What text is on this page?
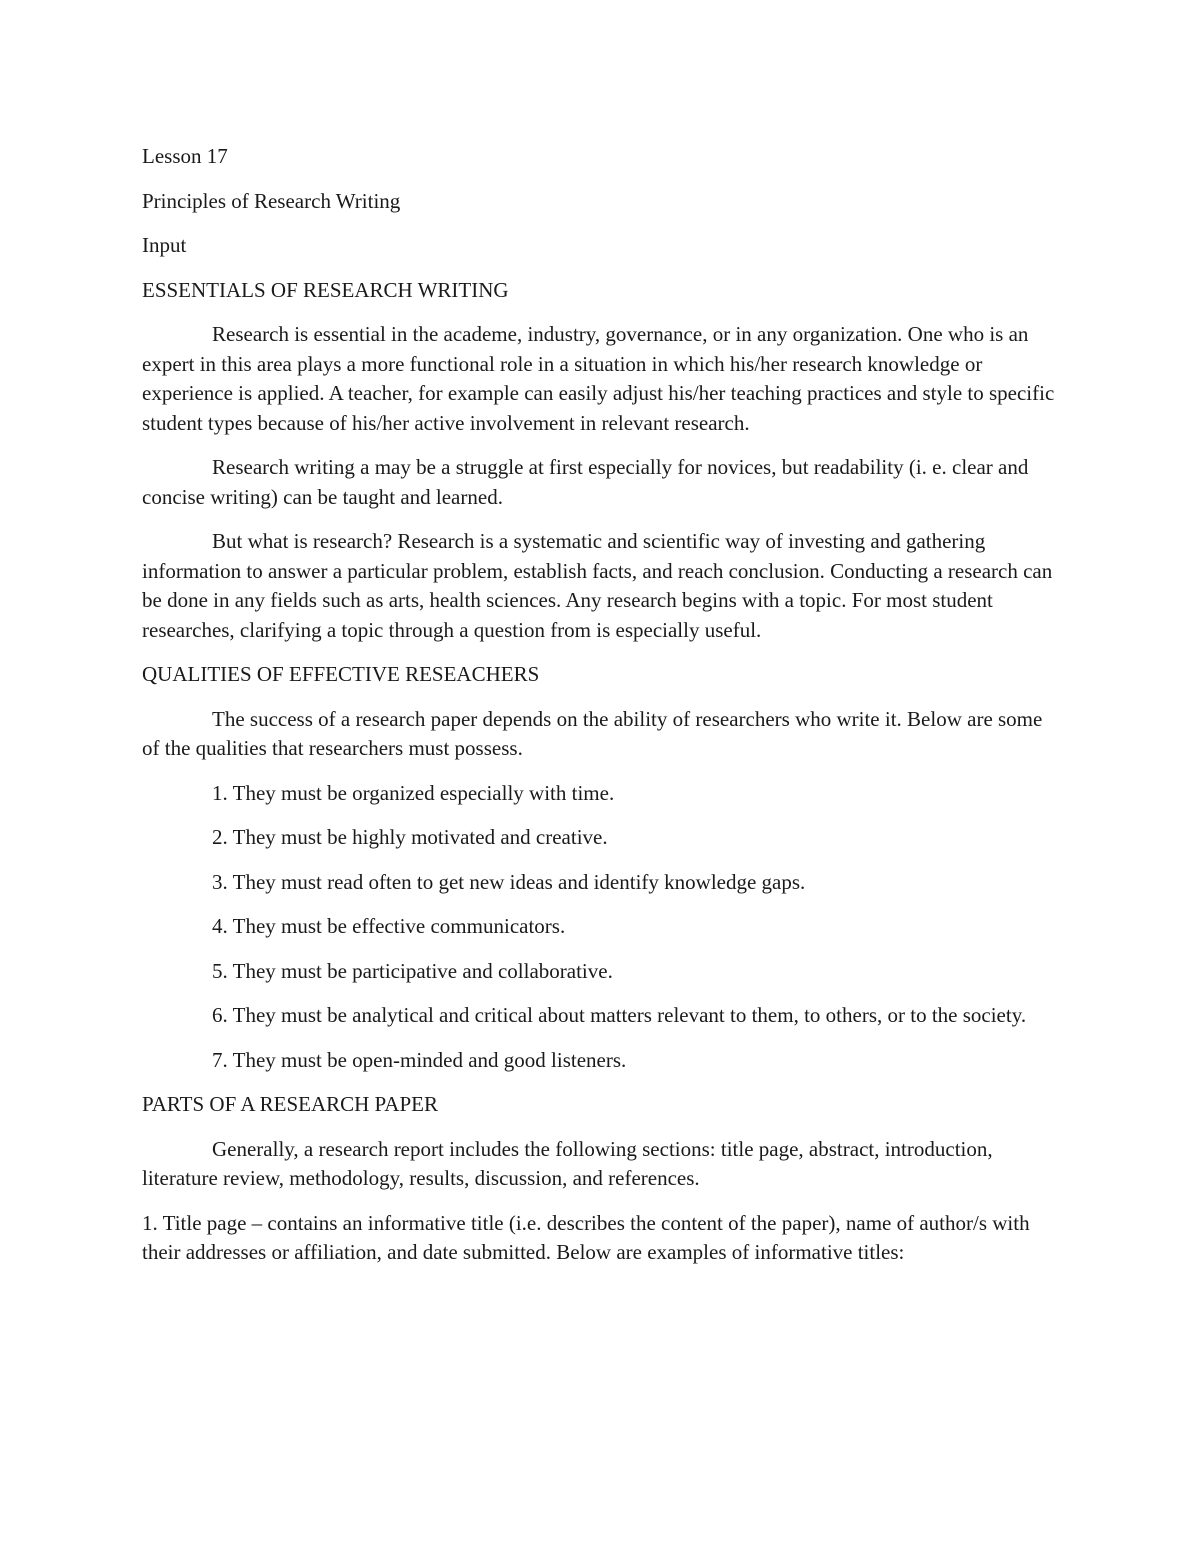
Lesson 17

Principles of Research Writing

Input

ESSENTIALS OF RESEARCH WRITING

Research is essential in the academe, industry, governance, or in any organization. One who is an expert in this area plays a more functional role in a situation in which his/her research knowledge or experience is applied. A teacher, for example can easily adjust his/her teaching practices and style to specific student types because of his/her active involvement in relevant research.

Research writing a may be a struggle at first especially for novices, but readability (i. e. clear and concise writing) can be taught and learned.

But what is research? Research is a systematic and scientific way of investing and gathering information to answer a particular problem, establish facts, and reach conclusion. Conducting a research can be done in any fields such as arts, health sciences. Any research begins with a topic. For most student researches, clarifying a topic through a question from is especially useful.

QUALITIES OF EFFECTIVE RESEACHERS

The success of a research paper depends on the ability of researchers who write it. Below are some of the qualities that researchers must possess.

1. They must be organized especially with time.

2. They must be highly motivated and creative.

3. They must read often to get new ideas and identify knowledge gaps.

4. They must be effective communicators.

5. They must be participative and collaborative.

6. They must be analytical and critical about matters relevant to them, to others, or to the society.

7. They must be open-minded and good listeners.

PARTS OF A RESEARCH PAPER

Generally, a research report includes the following sections: title page, abstract, introduction, literature review, methodology, results, discussion, and references.

1. Title page – contains an informative title (i.e. describes the content of the paper), name of author/s with their addresses or affiliation, and date submitted. Below are examples of informative titles:
